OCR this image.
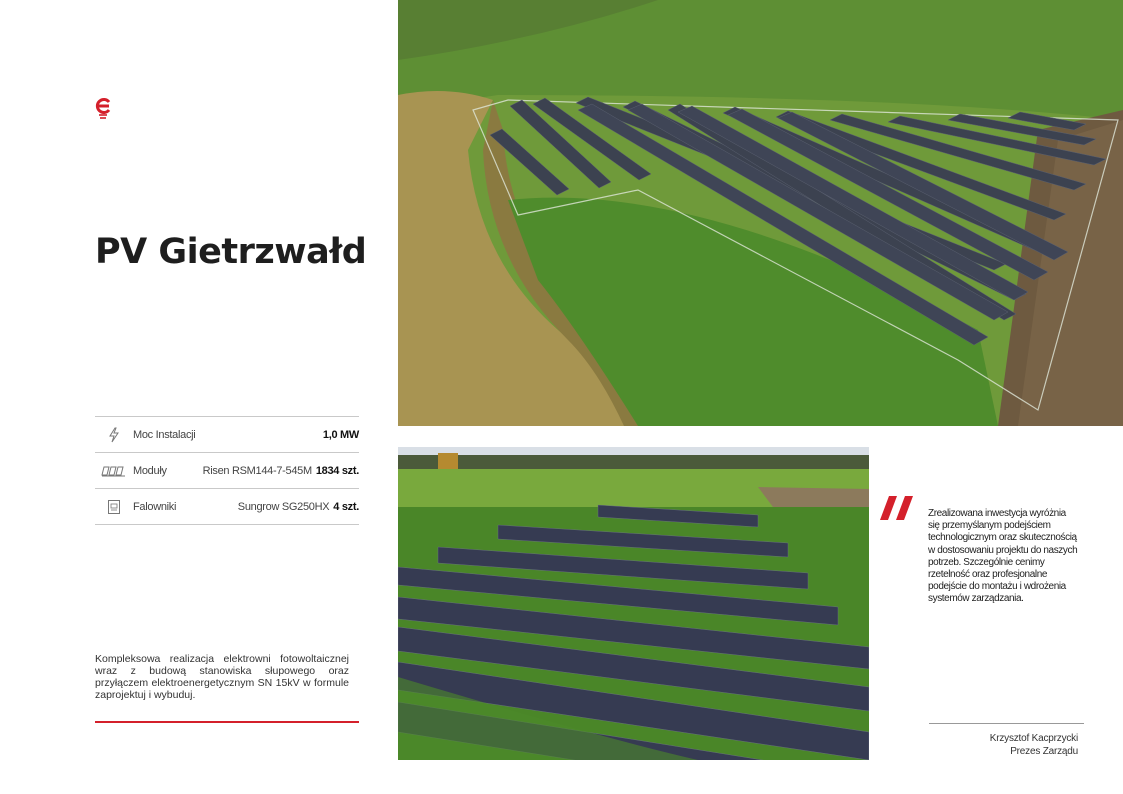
PV Gietrzwałd
Moc Instalacji	1,0 MW
Moduły	Risen RSM144-7-545M 1834 szt.
Falowniki	Sungrow SG250HX 4 szt.

Kompleksowa realizacja elektrowni fotowoltaicznej wraz z budową stanowiska słupowego oraz przyłączem elektroenergetycznym SN 15kV w formule zaprojektuj i wybuduj.

Zrealizowana inwestycja wyróżnia się przemyślanym podejściem technologicznym oraz skutecznością w dostosowaniu projektu do naszych potrzeb. Szczególnie cenimy rzetelność oraz profesjonalne podejście do montażu i wdrożenia systemów zarządzania.

Krzysztof Kacprzycki
Prezes Zarządu
